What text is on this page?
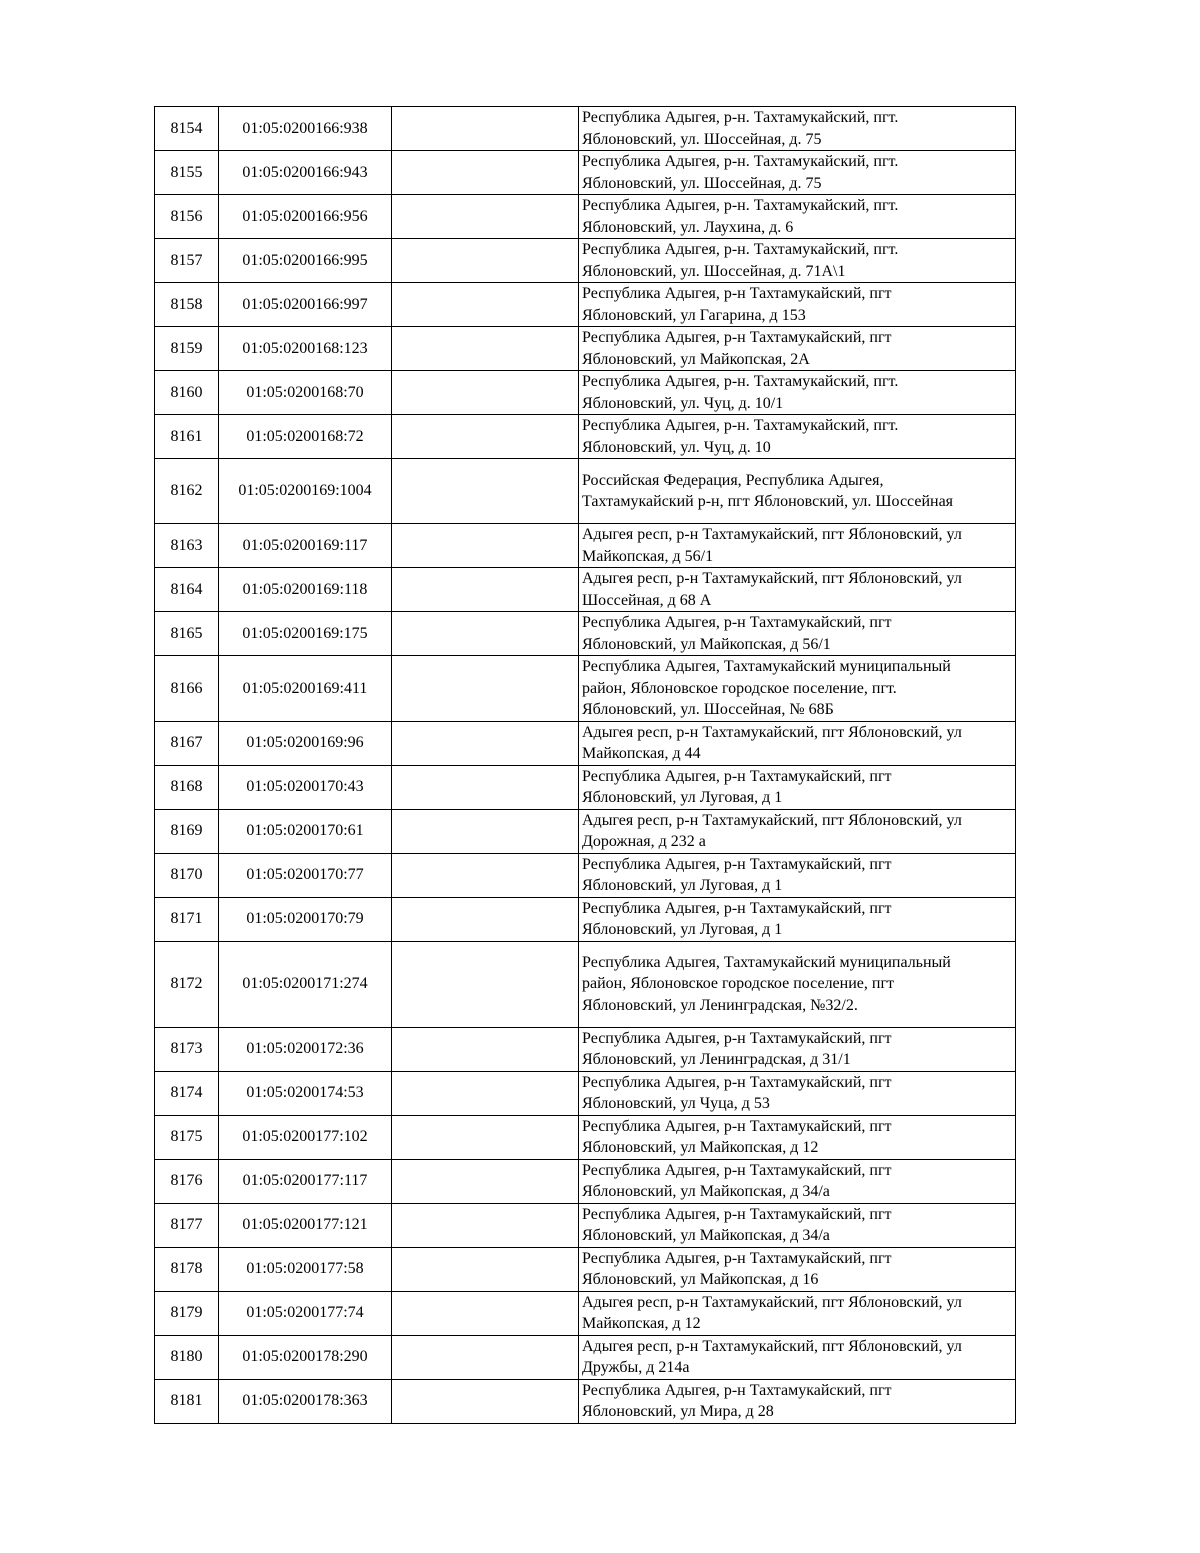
8154	01:05:0200166:938		Республика Адыгея, р-н. Тахтамукайский, пгт.
Яблоновский, ул. Шоссейная, д. 75
8155	01:05:0200166:943		Республика Адыгея, р-н. Тахтамукайский, пгт.
Яблоновский, ул. Шоссейная, д. 75
8156	01:05:0200166:956		Республика Адыгея, р-н. Тахтамукайский, пгт.
Яблоновский, ул. Лаухина, д. 6
8157	01:05:0200166:995		Республика Адыгея, р-н. Тахтамукайский, пгт.
Яблоновский, ул. Шоссейная, д. 71А\1
8158	01:05:0200166:997		Республика Адыгея, р-н Тахтамукайский, пгт
Яблоновский, ул Гагарина, д 153
8159	01:05:0200168:123		Республика Адыгея, р-н Тахтамукайский, пгт
Яблоновский, ул Майкопская, 2А
8160	01:05:0200168:70		Республика Адыгея, р-н. Тахтамукайский, пгт.
Яблоновский, ул. Чуц, д. 10/1
8161	01:05:0200168:72		Республика Адыгея, р-н. Тахтамукайский, пгт.
Яблоновский, ул. Чуц, д. 10
8162	01:05:0200169:1004		Российская Федерация, Республика Адыгея,
Тахтамукайский р-н, пгт Яблоновский, ул. Шоссейная
8163	01:05:0200169:117		Адыгея респ, р-н Тахтамукайский, пгт Яблоновский, ул
Майкопская, д 56/1
8164	01:05:0200169:118		Адыгея респ, р-н Тахтамукайский, пгт Яблоновский, ул
Шоссейная, д 68 А
8165	01:05:0200169:175		Республика Адыгея, р-н Тахтамукайский, пгт
Яблоновский, ул Майкопская, д 56/1
8166	01:05:0200169:411		Республика Адыгея, Тахтамукайский муниципальный
район, Яблоновское городское поселение, пгт.
Яблоновский, ул. Шоссейная, № 68Б
8167	01:05:0200169:96		Адыгея респ, р-н Тахтамукайский, пгт Яблоновский, ул
Майкопская, д 44
8168	01:05:0200170:43		Республика Адыгея, р-н Тахтамукайский, пгт
Яблоновский, ул Луговая, д 1
8169	01:05:0200170:61		Адыгея респ, р-н Тахтамукайский, пгт Яблоновский, ул
Дорожная, д 232 а
8170	01:05:0200170:77		Республика Адыгея, р-н Тахтамукайский, пгт
Яблоновский, ул Луговая, д 1
8171	01:05:0200170:79		Республика Адыгея, р-н Тахтамукайский, пгт
Яблоновский, ул Луговая, д 1
8172	01:05:0200171:274		Республика Адыгея, Тахтамукайский муниципальный
район, Яблоновское городское поселение, пгт
Яблоновский, ул Ленинградская, №32/2.
8173	01:05:0200172:36		Республика Адыгея, р-н Тахтамукайский, пгт
Яблоновский, ул Ленинградская, д 31/1
8174	01:05:0200174:53		Республика Адыгея, р-н Тахтамукайский, пгт
Яблоновский, ул Чуца, д 53
8175	01:05:0200177:102		Республика Адыгея, р-н Тахтамукайский, пгт
Яблоновский, ул Майкопская, д 12
8176	01:05:0200177:117		Республика Адыгея, р-н Тахтамукайский, пгт
Яблоновский, ул Майкопская, д 34/а
8177	01:05:0200177:121		Республика Адыгея, р-н Тахтамукайский, пгт
Яблоновский, ул Майкопская, д 34/а
8178	01:05:0200177:58		Республика Адыгея, р-н Тахтамукайский, пгт
Яблоновский, ул Майкопская, д 16
8179	01:05:0200177:74		Адыгея респ, р-н Тахтамукайский, пгт Яблоновский, ул
Майкопская, д 12
8180	01:05:0200178:290		Адыгея респ, р-н Тахтамукайский, пгт Яблоновский, ул
Дружбы, д 214а
8181	01:05:0200178:363		Республика Адыгея, р-н Тахтамукайский, пгт
Яблоновский, ул Мира, д 28
